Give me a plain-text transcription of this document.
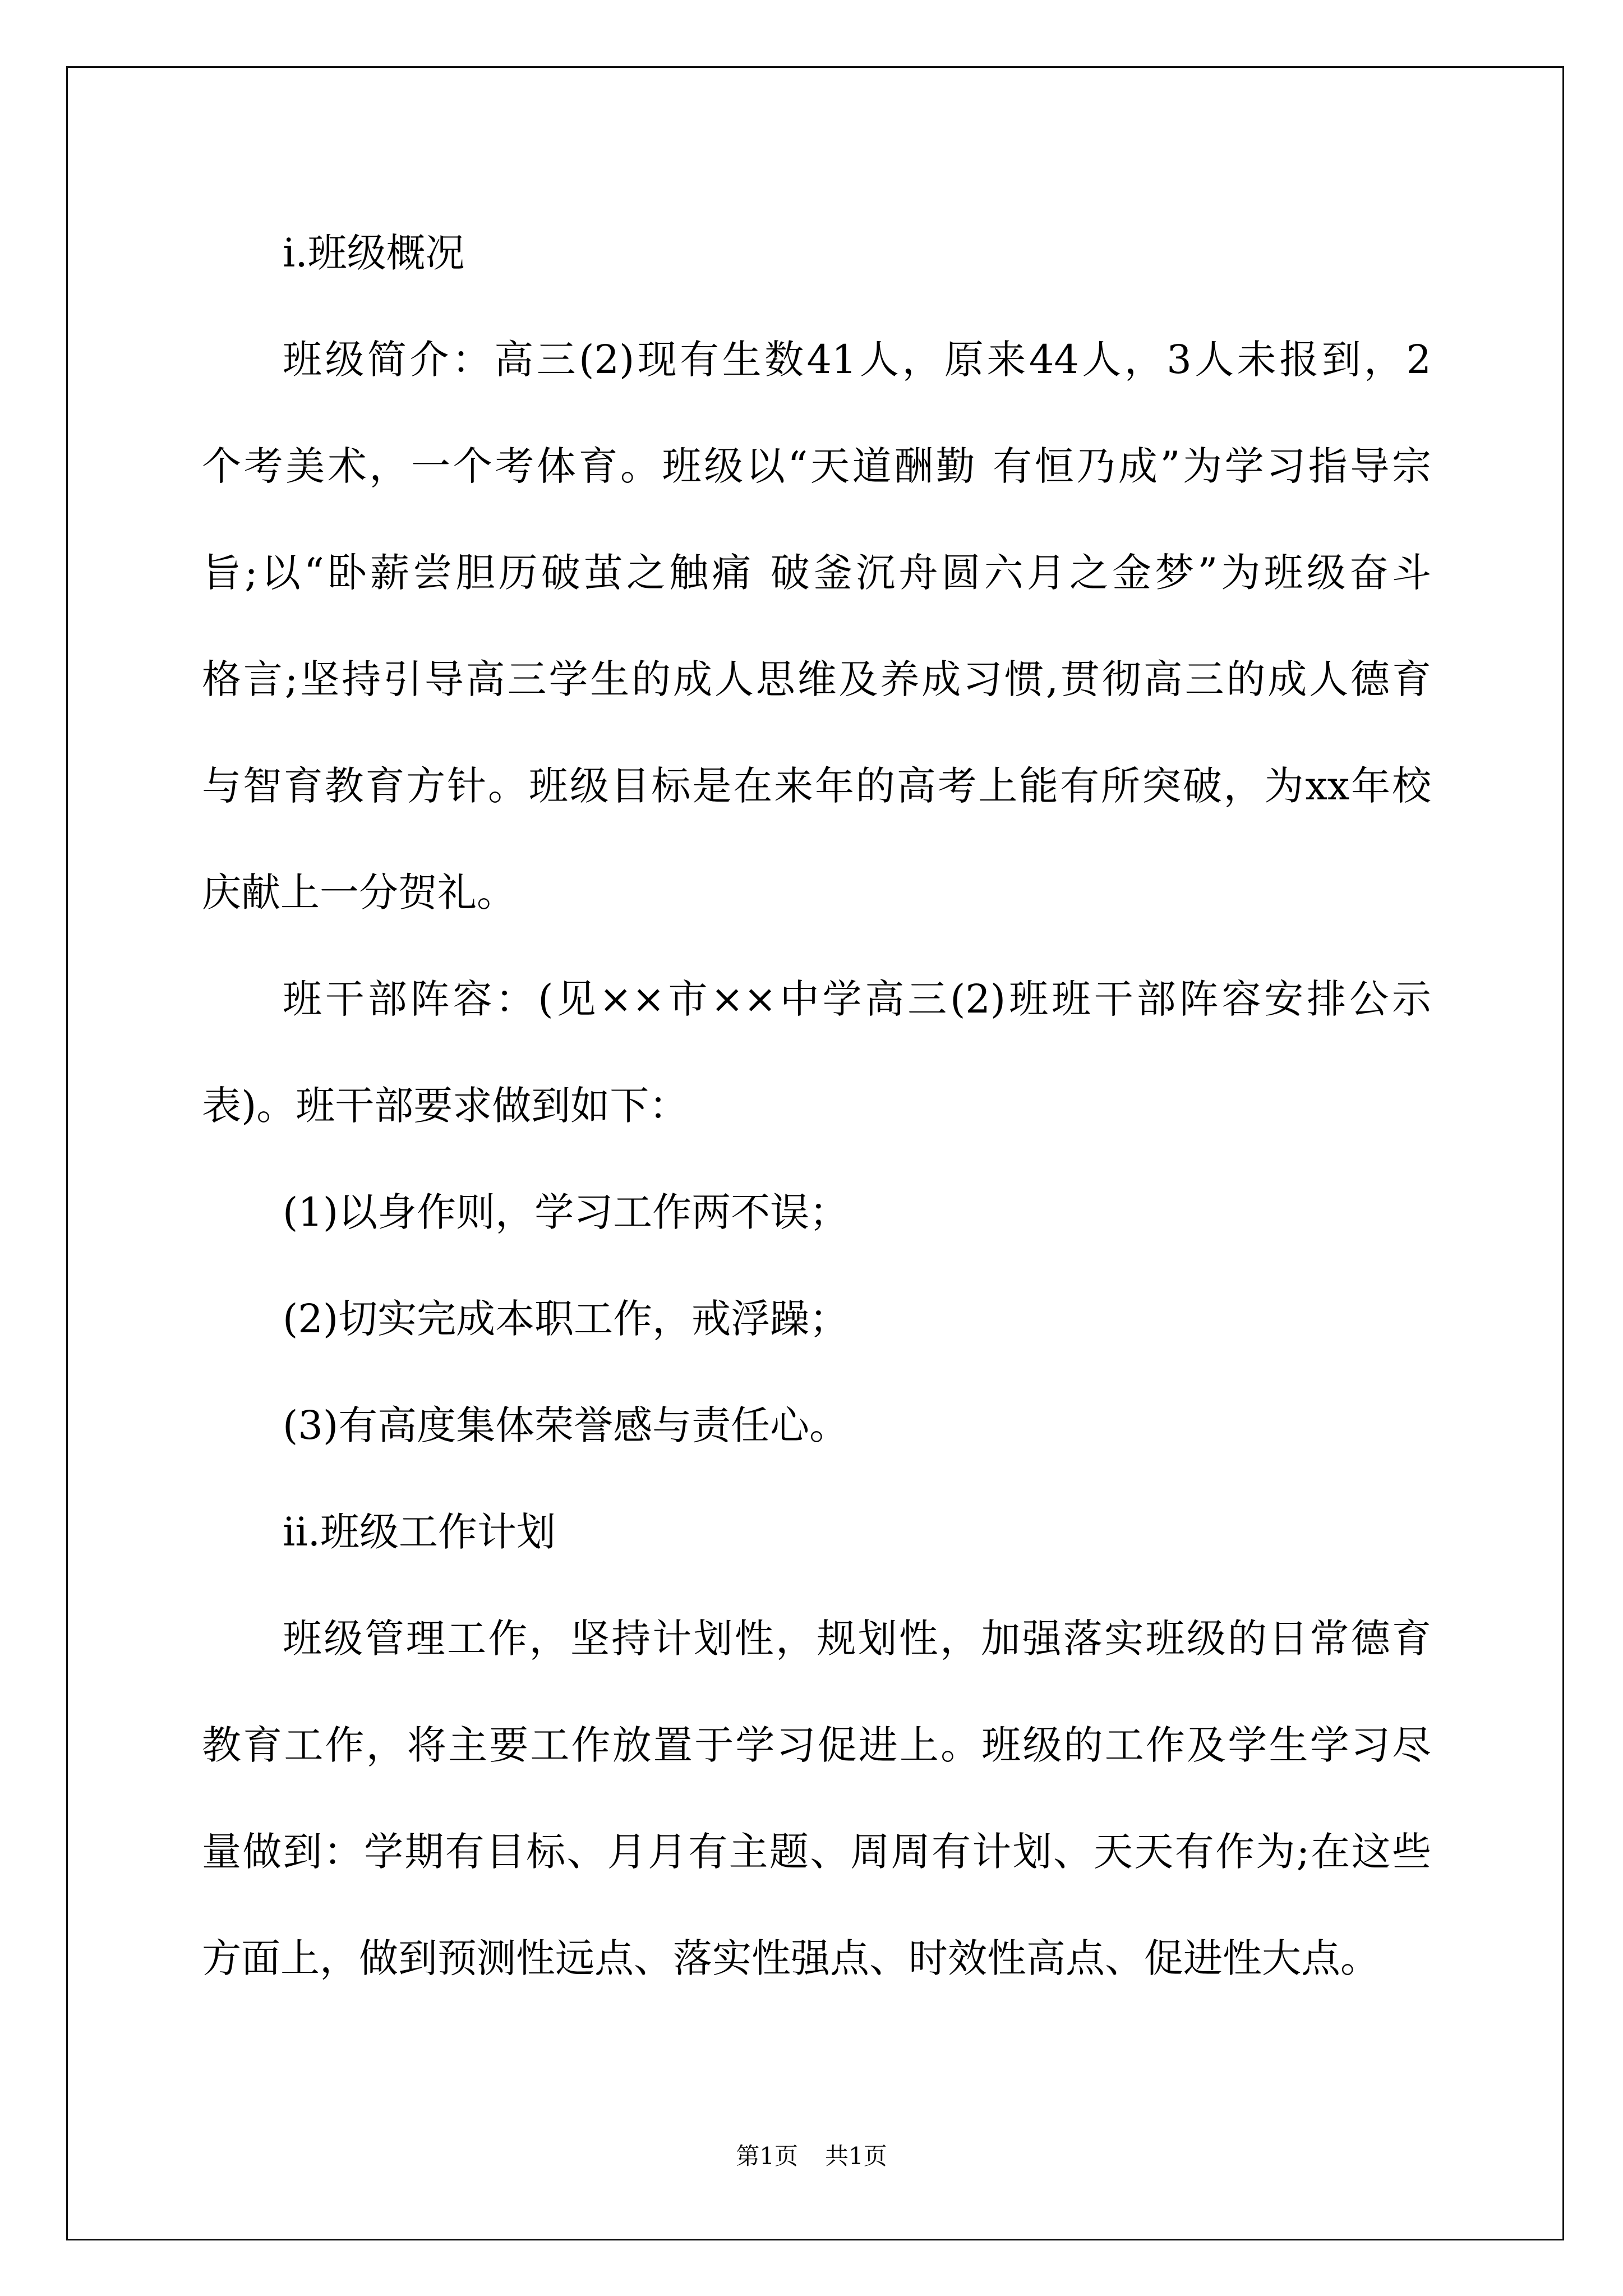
ⅰ.班级概况
班级简介：高三(2)现有生数41人，原来44人，3人未报到，2
个考美术，一个考体育。班级以“天道酬勤 有恒乃成”为学习指导宗
旨;以“卧薪尝胆历破茧之触痛 破釜沉舟圆六月之金梦”为班级奋斗
格言;坚持引导高三学生的成人思维及养成习惯,贯彻高三的成人德育
与智育教育方针。班级目标是在来年的高考上能有所突破，为xx年校
庆献上一分贺礼。
班干部阵容：(见××市××中学高三(2)班班干部阵容安排公示
表)。班干部要求做到如下：
(1)以身作则，学习工作两不误；
(2)切实完成本职工作，戒浮躁；
(3)有高度集体荣誉感与责任心。
ⅱ.班级工作计划
班级管理工作，坚持计划性，规划性，加强落实班级的日常德育
教育工作，将主要工作放置于学习促进上。班级的工作及学生学习尽
量做到：学期有目标、月月有主题、周周有计划、天天有作为;在这些
方面上，做到预测性远点、落实性强点、时效性高点、促进性大点。
第1页 共1页
